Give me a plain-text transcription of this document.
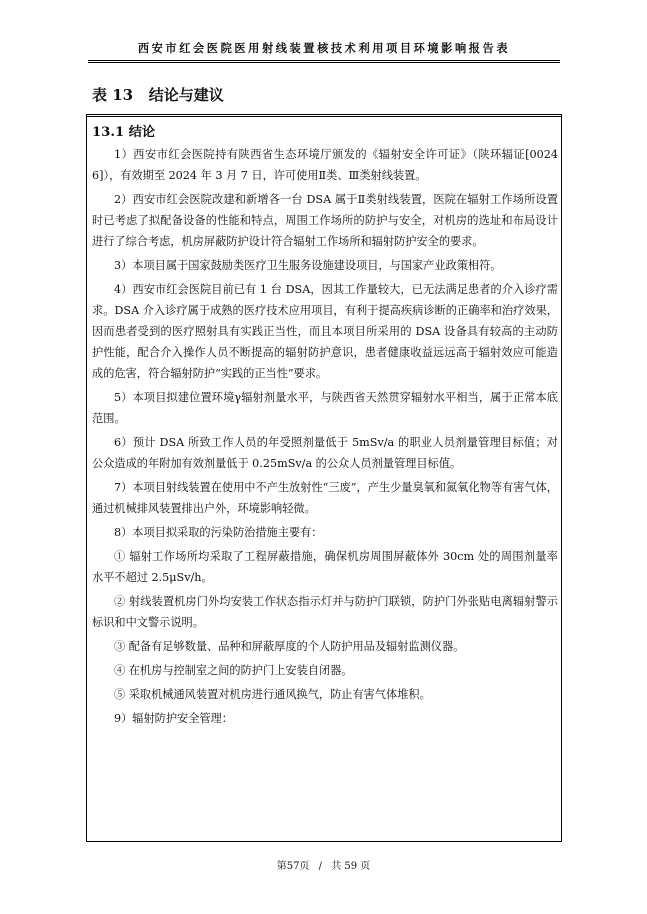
西安市红会医院医用射线装置核技术利用项目环境影响报告表
表 13 结论与建议
13.1 结论

1）西安市红会医院持有陕西省生态环境厅颁发的《辐射安全许可证》（陕环辐证[00246]），有效期至 2024 年 3 月 7 日，许可使用Ⅱ类、Ⅲ类射线装置。

2）西安市红会医院改建和新增各一台 DSA 属于Ⅱ类射线装置，医院在辐射工作场所设置时已考虑了拟配备设备的性能和特点，周围工作场所的防护与安全，对机房的选址和布局设计进行了综合考虑，机房屏蔽防护设计符合辐射工作场所和辐射防护安全的要求。

3）本项目属于国家鼓励类医疗卫生服务设施建设项目，与国家产业政策相符。

4）西安市红会医院目前已有 1 台 DSA，因其工作量较大，已无法满足患者的介入诊疗需求。DSA 介入诊疗属于成熟的医疗技术应用项目，有利于提高疾病诊断的正确率和治疗效果，因而患者受到的医疗照射具有实践正当性，而且本项目所采用的 DSA 设备具有较高的主动防护性能，配合介入操作人员不断提高的辐射防护意识，患者健康收益远远高于辐射效应可能造成的危害，符合辐射防护“实践的正当性”要求。

5）本项目拟建位置环境γ辐射剂量水平，与陕西省天然贯穿辐射水平相当，属于正常本底范围。

6）预计 DSA 所致工作人员的年受照剂量低于 5mSv/a 的职业人员剂量管理目标值；对公众造成的年附加有效剂量低于 0.25mSv/a 的公众人员剂量管理目标值。

7）本项目射线装置在使用中不产生放射性“三废”，产生少量臭氧和氮氧化物等有害气体，通过机械排风装置排出户外，环境影响轻微。

8）本项目拟采取的污染防治措施主要有：

① 辐射工作场所均采取了工程屏蔽措施，确保机房周围屏蔽体外 30cm 处的周围剂量率水平不超过 2.5μSv/h。

② 射线装置机房门外均安装工作状态指示灯并与防护门联锁，防护门外张贴电离辐射警示标识和中文警示说明。

③ 配备有足够数量、品种和屏蔽厚度的个人防护用品及辐射监测仪器。

④ 在机房与控制室之间的防护门上安装自闭器。

⑤ 采取机械通风装置对机房进行通风换气，防止有害气体堆积。

9）辐射防护安全管理：

第57页 / 共 59 页
